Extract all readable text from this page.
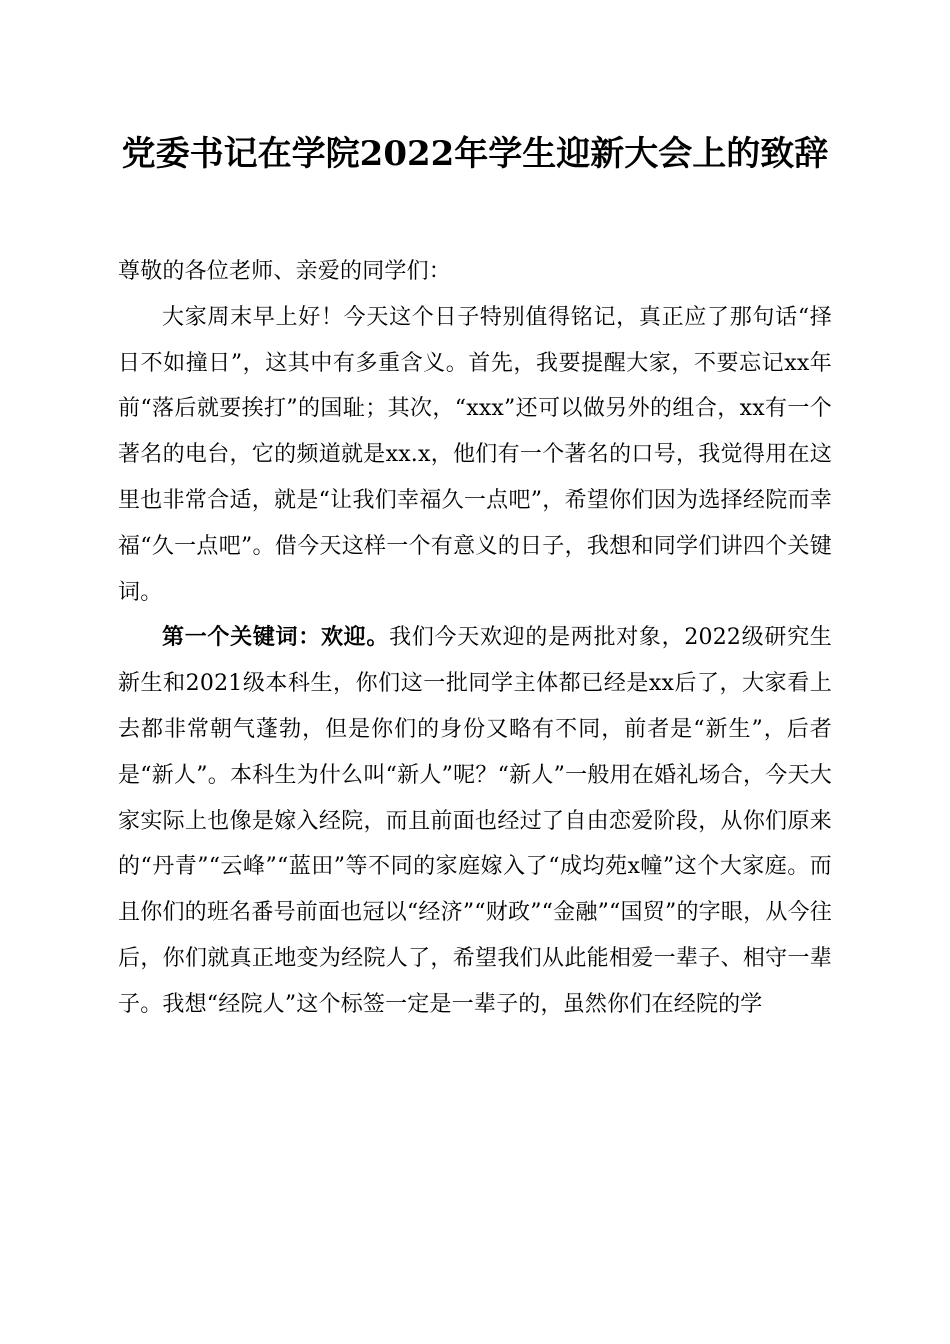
党委书记在学院2022年学生迎新大会上的致辞

尊敬的各位老师、亲爱的同学们：

大家周末早上好！今天这个日子特别值得铭记，真正应了那句话“择日不如撞日”，这其中有多重含义。首先，我要提醒大家，不要忘记xx年前“落后就要挨打”的国耻；其次，“xxx”还可以做另外的组合，xx有一个著名的电台，它的频道就是xx.x，他们有一个著名的口号，我觉得用在这里也非常合适，就是“让我们幸福久一点吧”，希望你们因为选择经院而幸福“久一点吧”。借今天这样一个有意义的日子，我想和同学们讲四个关键词。

第一个关键词：欢迎。我们今天欢迎的是两批对象，2022级研究生新生和2021级本科生，你们这一批同学主体都已经是xx后了，大家看上去都非常朝气蓬勃，但是你们的身份又略有不同，前者是“新生”，后者是“新人”。本科生为什么叫“新人”呢？“新人”一般用在婚礼场合，今天大家实际上也像是嫁入经院，而且前面也经过了自由恋爱阶段，从你们原来的“丹青”“云峰”“蓝田”等不同的家庭嫁入了“成均苑x幢”这个大家庭。而且你们的班名番号前面也冠以“经济”“财政”“金融”“国贸”的字眼，从今往后，你们就真正地变为经院人了，希望我们从此能相爱一辈子、相守一辈子。我想“经院人”这个标签一定是一辈子的，虽然你们在经院的学
